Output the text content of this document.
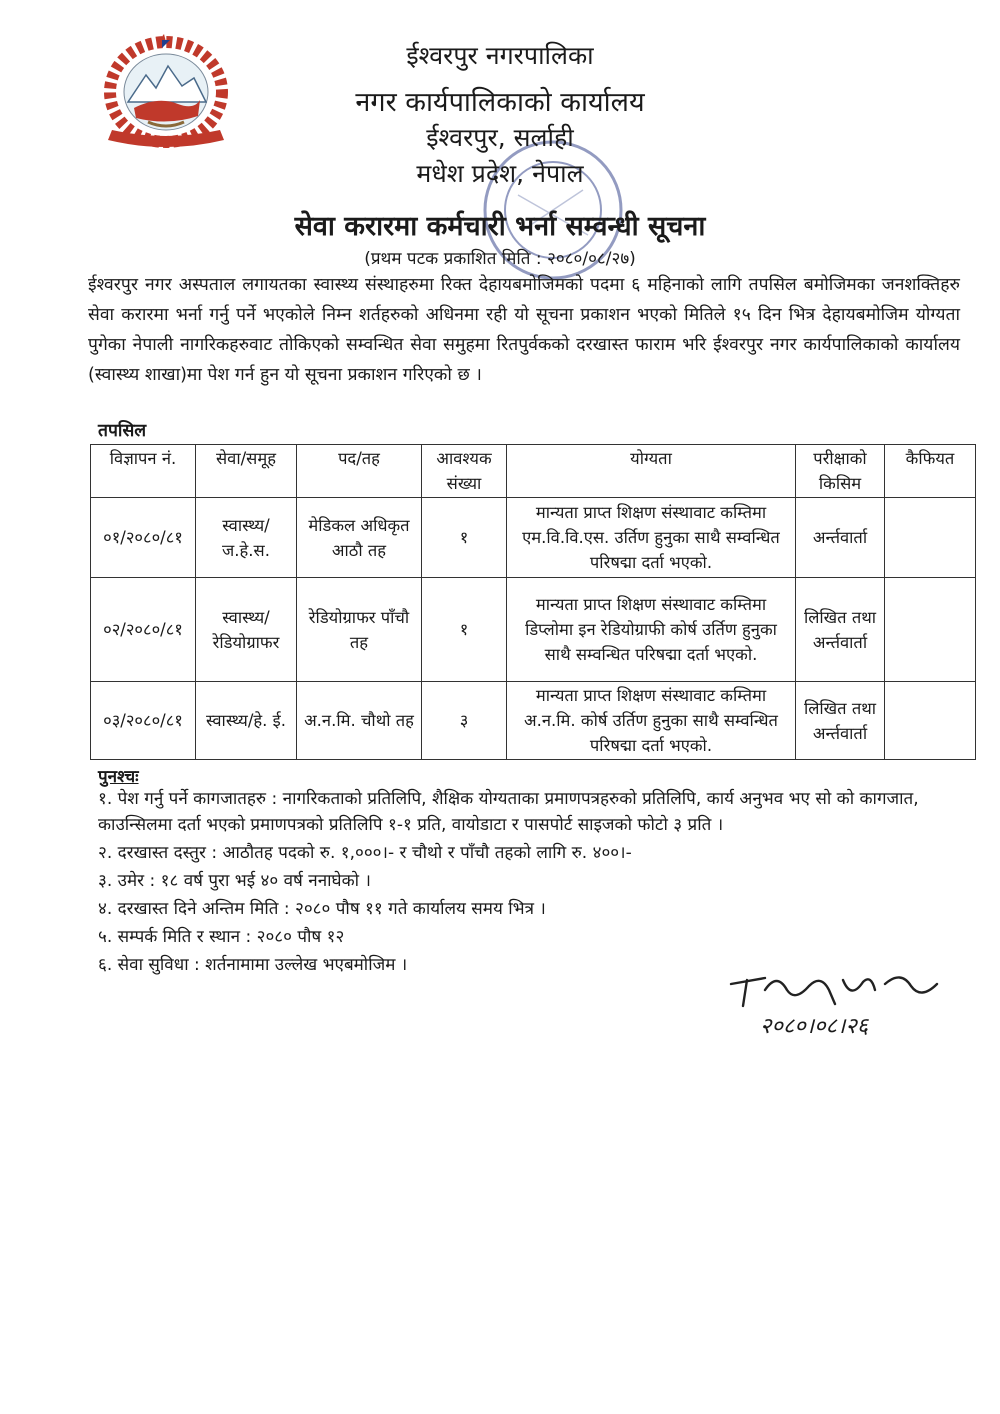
ईश्वरपुर नगरपालिका
नगर कार्यपालिकाको कार्यालय
ईश्वरपुर, सर्लाही
मधेश प्रदेश, नेपाल
सेवा करारमा कर्मचारी भर्ना सम्वन्धी सूचना
(प्रथम पटक प्रकाशित मिति : २०८०/०८/२७)
ईश्वरपुर नगर अस्पताल लगायतका स्वास्थ्य संस्थाहरुमा रिक्त देहायबमोजिमको पदमा ६ महिनाको लागि तपसिल बमोजिमका जनशक्तिहरु सेवा करारमा भर्ना गर्नु पर्ने भएकोले निम्न शर्तहरुको अधिनमा रही यो सूचना प्रकाशन भएको मितिले १५ दिन भित्र देहायबमोजिम योग्यता पुगेका नेपाली नागरिकहरुवाट तोकिएको सम्वन्धित सेवा समुहमा रितपुर्वकको दरखास्त फाराम भरि ईश्वरपुर नगर कार्यपालिकाको कार्यालय (स्वास्थ्य शाखा)मा पेश गर्न हुन यो सूचना प्रकाशन गरिएको छ ।
तपसिल
विज्ञापन नं.	सेवा/समूह	पद/तह	आवश्यक संख्या	योग्यता	परीक्षाको किसिम	कैफियत
०१/२०८०/८१	स्वास्थ्य/ ज.हे.स.	मेडिकल अधिकृत आठौ तह	१	मान्यता प्राप्त शिक्षण संस्थावाट कम्तिमा एम.वि.वि.एस. उर्तिण हुनुका साथै सम्वन्धित परिषद्मा दर्ता भएको.	अर्न्तवार्ता	
०२/२०८०/८१	स्वास्थ्य/ रेडियोग्राफर	रेडियोग्राफर पाँचौ तह	१	मान्यता प्राप्त शिक्षण संस्थावाट कम्तिमा डिप्लोमा इन रेडियोग्राफी कोर्ष उर्तिण हुनुका साथै सम्वन्धित परिषद्मा दर्ता भएको.	लिखित तथा अर्न्तवार्ता	
०३/२०८०/८१	स्वास्थ्य/हे. ई.	अ.न.मि. चौथो तह	३	मान्यता प्राप्त शिक्षण संस्थावाट कम्तिमा अ.न.मि. कोर्ष उर्तिण हुनुका साथै सम्वन्धित परिषद्मा दर्ता भएको.	लिखित तथा अर्न्तवार्ता	
पुनश्चः
१. पेश गर्नु पर्ने कागजातहरु : नागरिकताको प्रतिलिपि, शैक्षिक योग्यताका प्रमाणपत्रहरुको प्रतिलिपि, कार्य अनुभव भए सो को कागजात, काउन्सिलमा दर्ता भएको प्रमाणपत्रको प्रतिलिपि १-१ प्रति, वायोडाटा र पासपोर्ट साइजको फोटो ३ प्रति ।
२. दरखास्त दस्तुर : आठौतह पदको रु. १,०००।- र चौथो र पाँचौ तहको लागि रु. ४००।-
३. उमेर : १८ वर्ष पुरा भई ४० वर्ष ननाघेको ।
४. दरखास्त दिने अन्तिम मिति : २०८० पौष ११ गते कार्यालय समय भित्र ।
५. सम्पर्क मिति र स्थान : २०८० पौष १२
६. सेवा सुविधा : शर्तनामामा उल्लेख भएबमोजिम ।
२०८०।०८।२६
